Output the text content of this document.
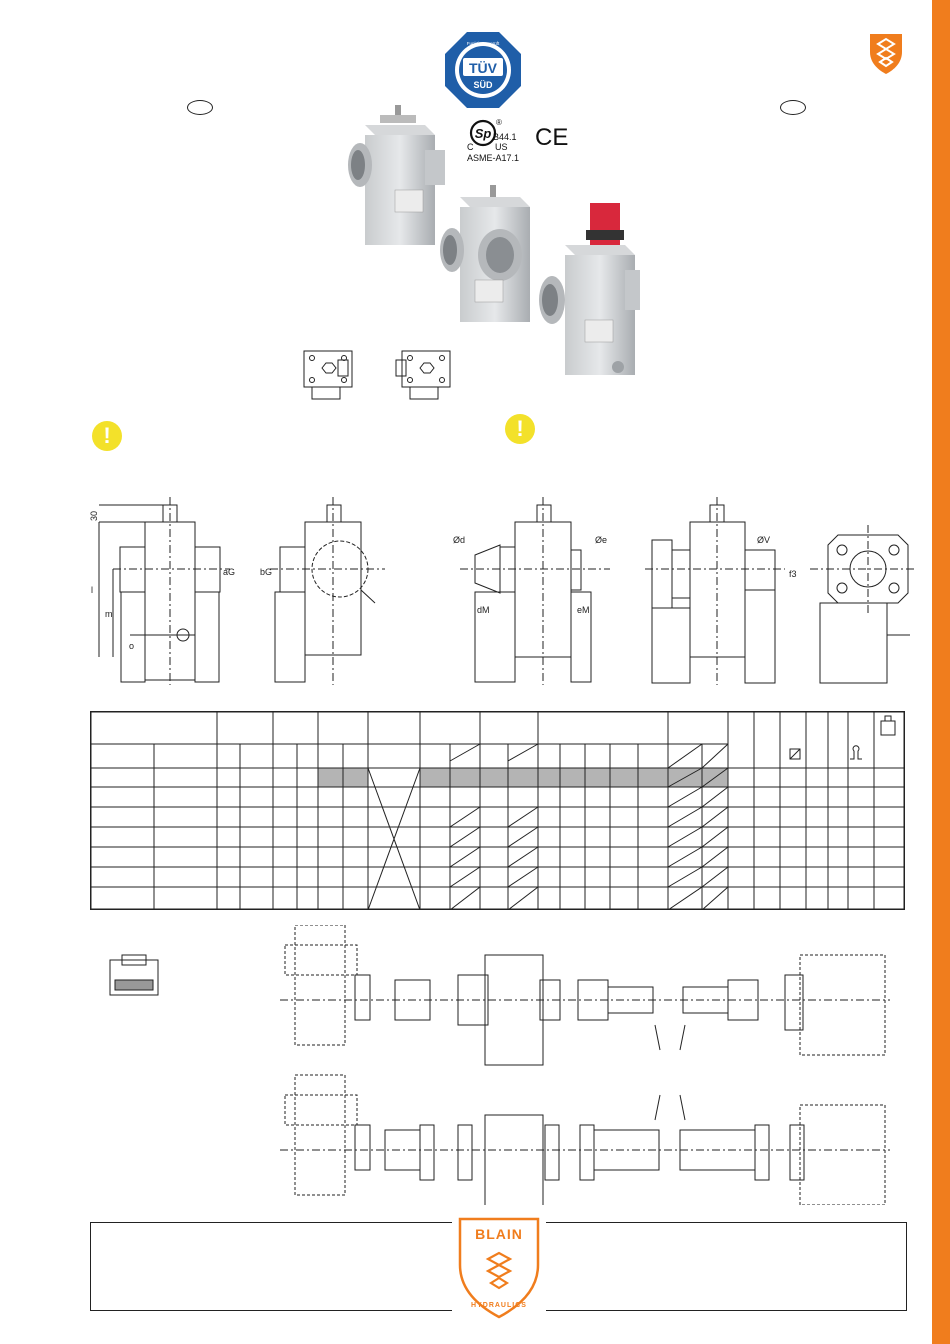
TÜV
SÜD
Funktion geprüft
Sp
®
B44.1
C US
ASME-A17.1
CE
!	!
30
l
m
o
aG	bG
Ød
dM
Øe
eM
ØV
f3
BLAIN
HYDRAULICS
